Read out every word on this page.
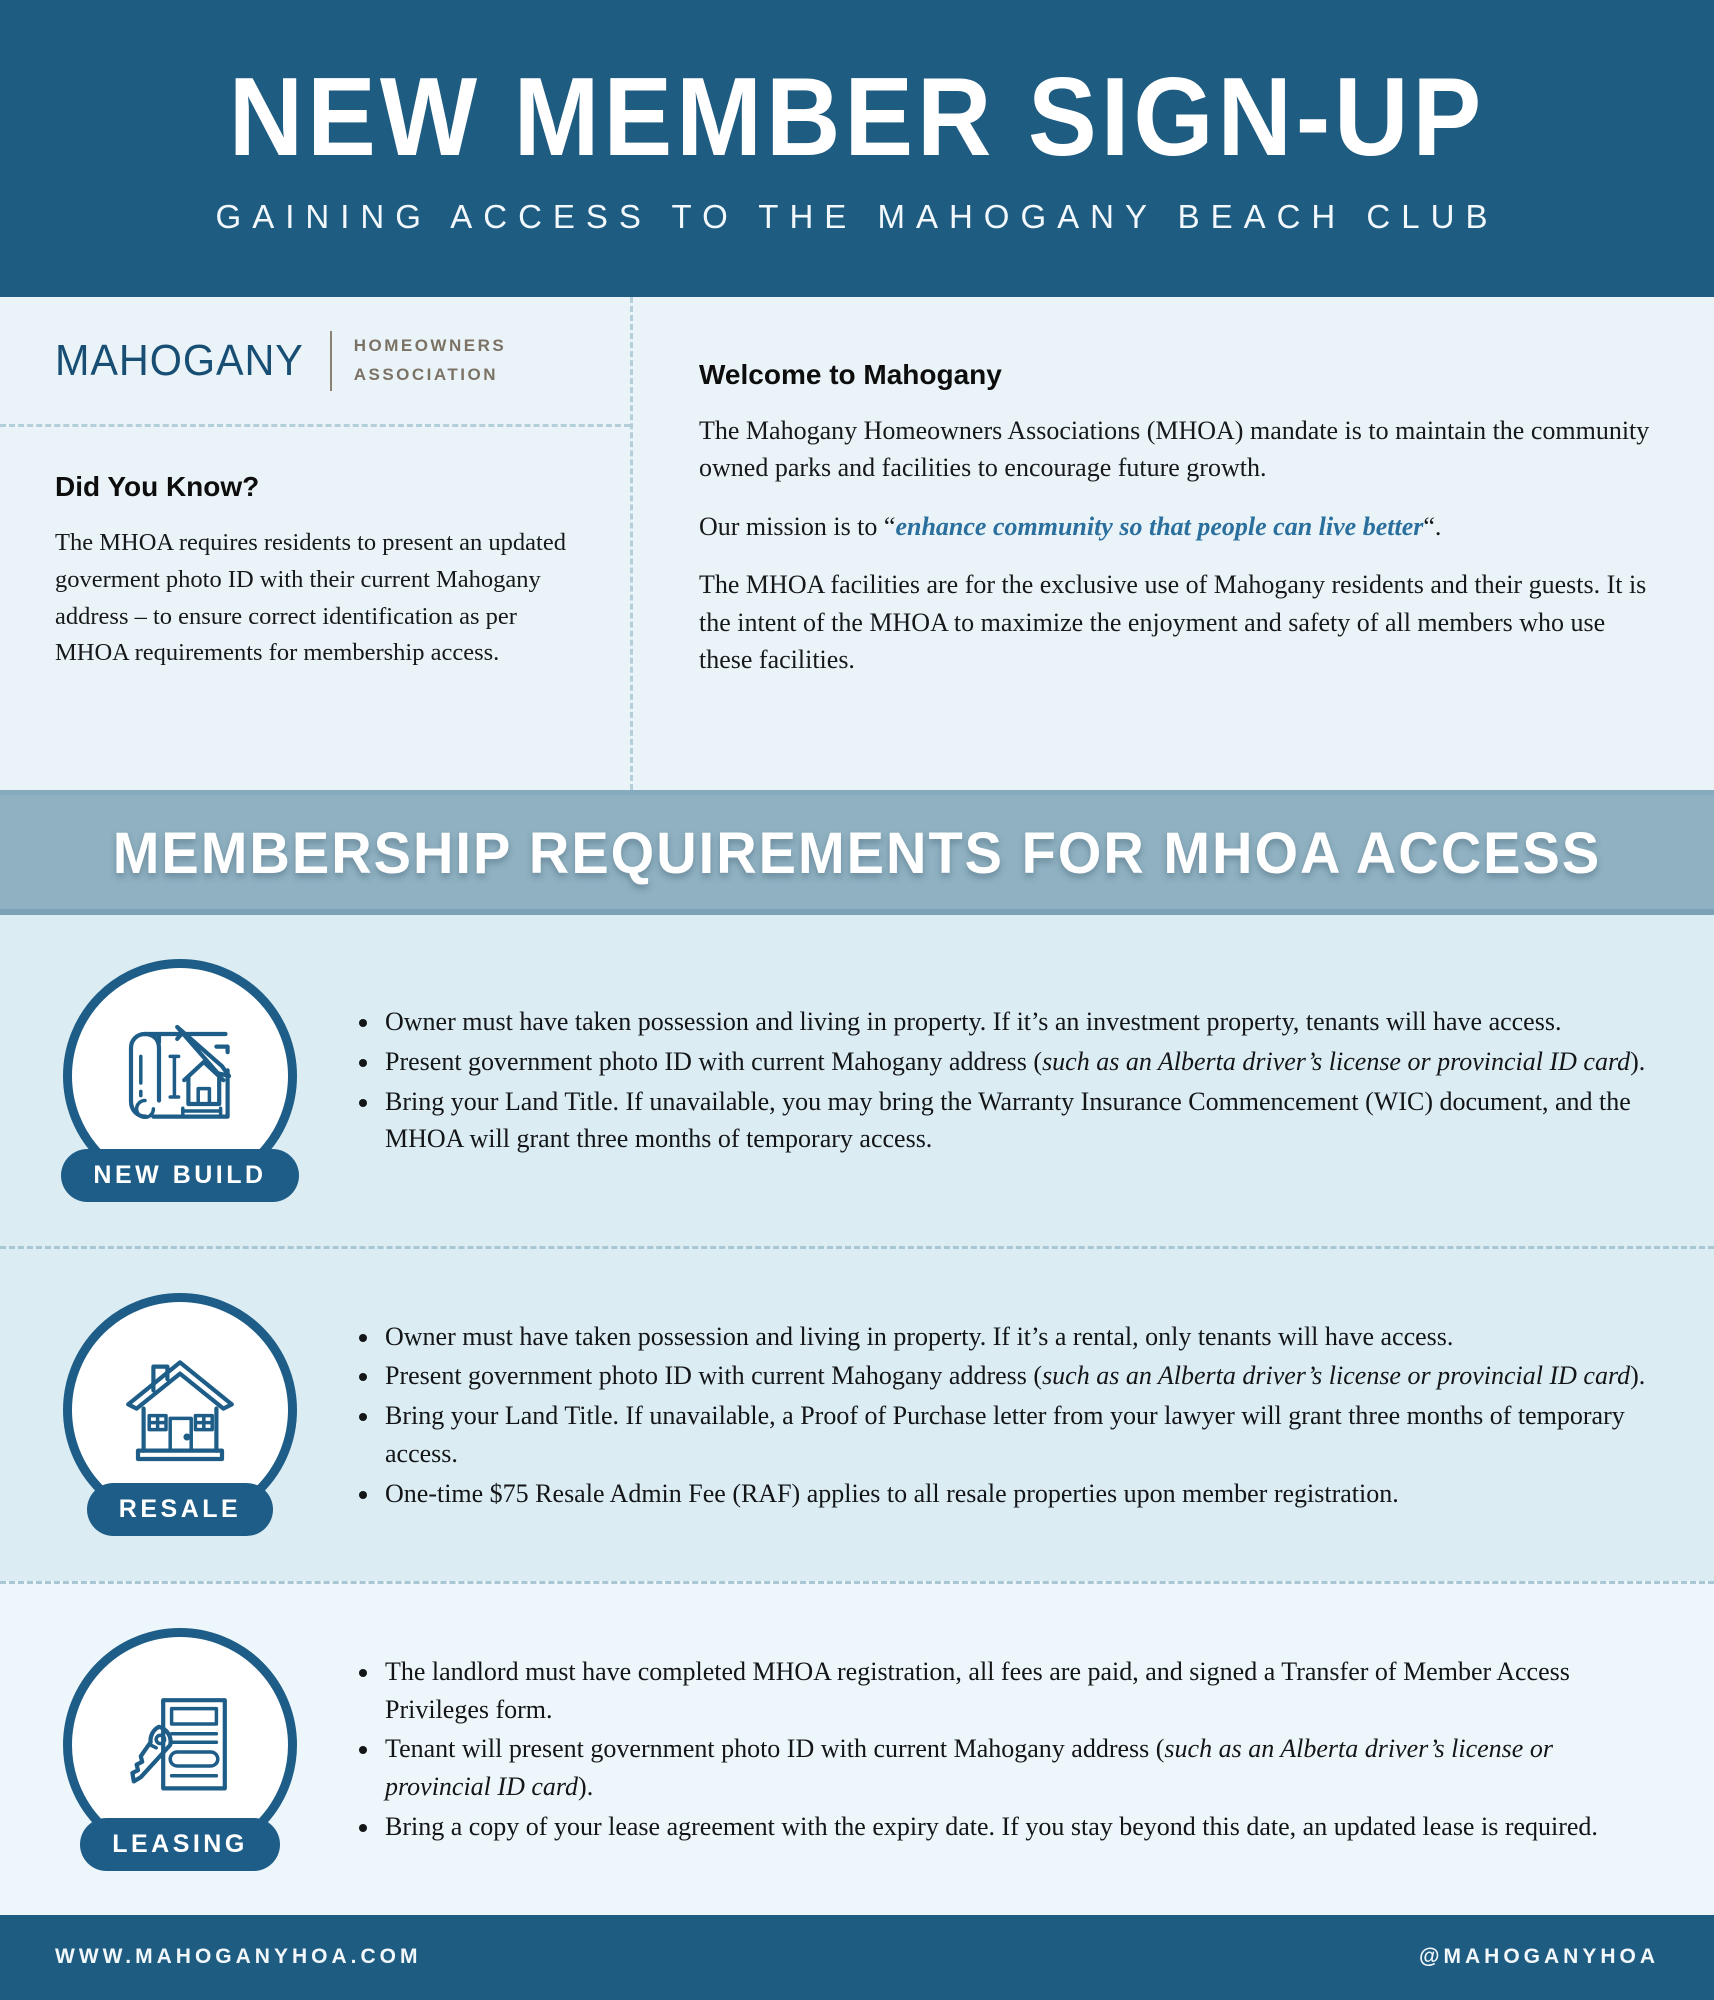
NEW MEMBER SIGN-UP
GAINING ACCESS TO THE MAHOGANY BEACH CLUB
MAHOGANY	HOMEOWNERS
ASSOCIATION
Did You Know?

The MHOA requires residents to present an updated goverment photo ID with their current Mahogany address – to ensure correct identification as per MHOA requirements for membership access.

Welcome to Mahogany

The Mahogany Homeowners Associations (MHOA) mandate is to maintain the community owned parks and facilities to encourage future growth.

Our mission is to “enhance community so that people can live better“.

The MHOA facilities are for the exclusive use of Mahogany residents and their guests. It is the intent of the MHOA to maximize the enjoyment and safety of all members who use these facilities.

MEMBERSHIP REQUIREMENTS FOR MHOA ACCESS
NEW BUILD
• Owner must have taken possession and living in property. If it’s an investment property, tenants will have access.
• Present government photo ID with current Mahogany address (such as an Alberta driver’s license or provincial ID card).
• Bring your Land Title. If unavailable, you may bring the Warranty Insurance Commencement (WIC) document, and the MHOA will grant three months of temporary access.
RESALE
• Owner must have taken possession and living in property. If it’s a rental, only tenants will have access.
• Present government photo ID with current Mahogany address (such as an Alberta driver’s license or provincial ID card).
• Bring your Land Title. If unavailable, a Proof of Purchase letter from your lawyer will grant three months of temporary access.
• One-time $75 Resale Admin Fee (RAF) applies to all resale properties upon member registration.
LEASING
• The landlord must have completed MHOA registration, all fees are paid, and signed a Transfer of Member Access Privileges form.
• Tenant will present government photo ID with current Mahogany address (such as an Alberta driver’s license or provincial ID card).
• Bring a copy of your lease agreement with the expiry date. If you stay beyond this date, an updated lease is required.
WWW.MAHOGANYHOA.COM	@MAHOGANYHOA
